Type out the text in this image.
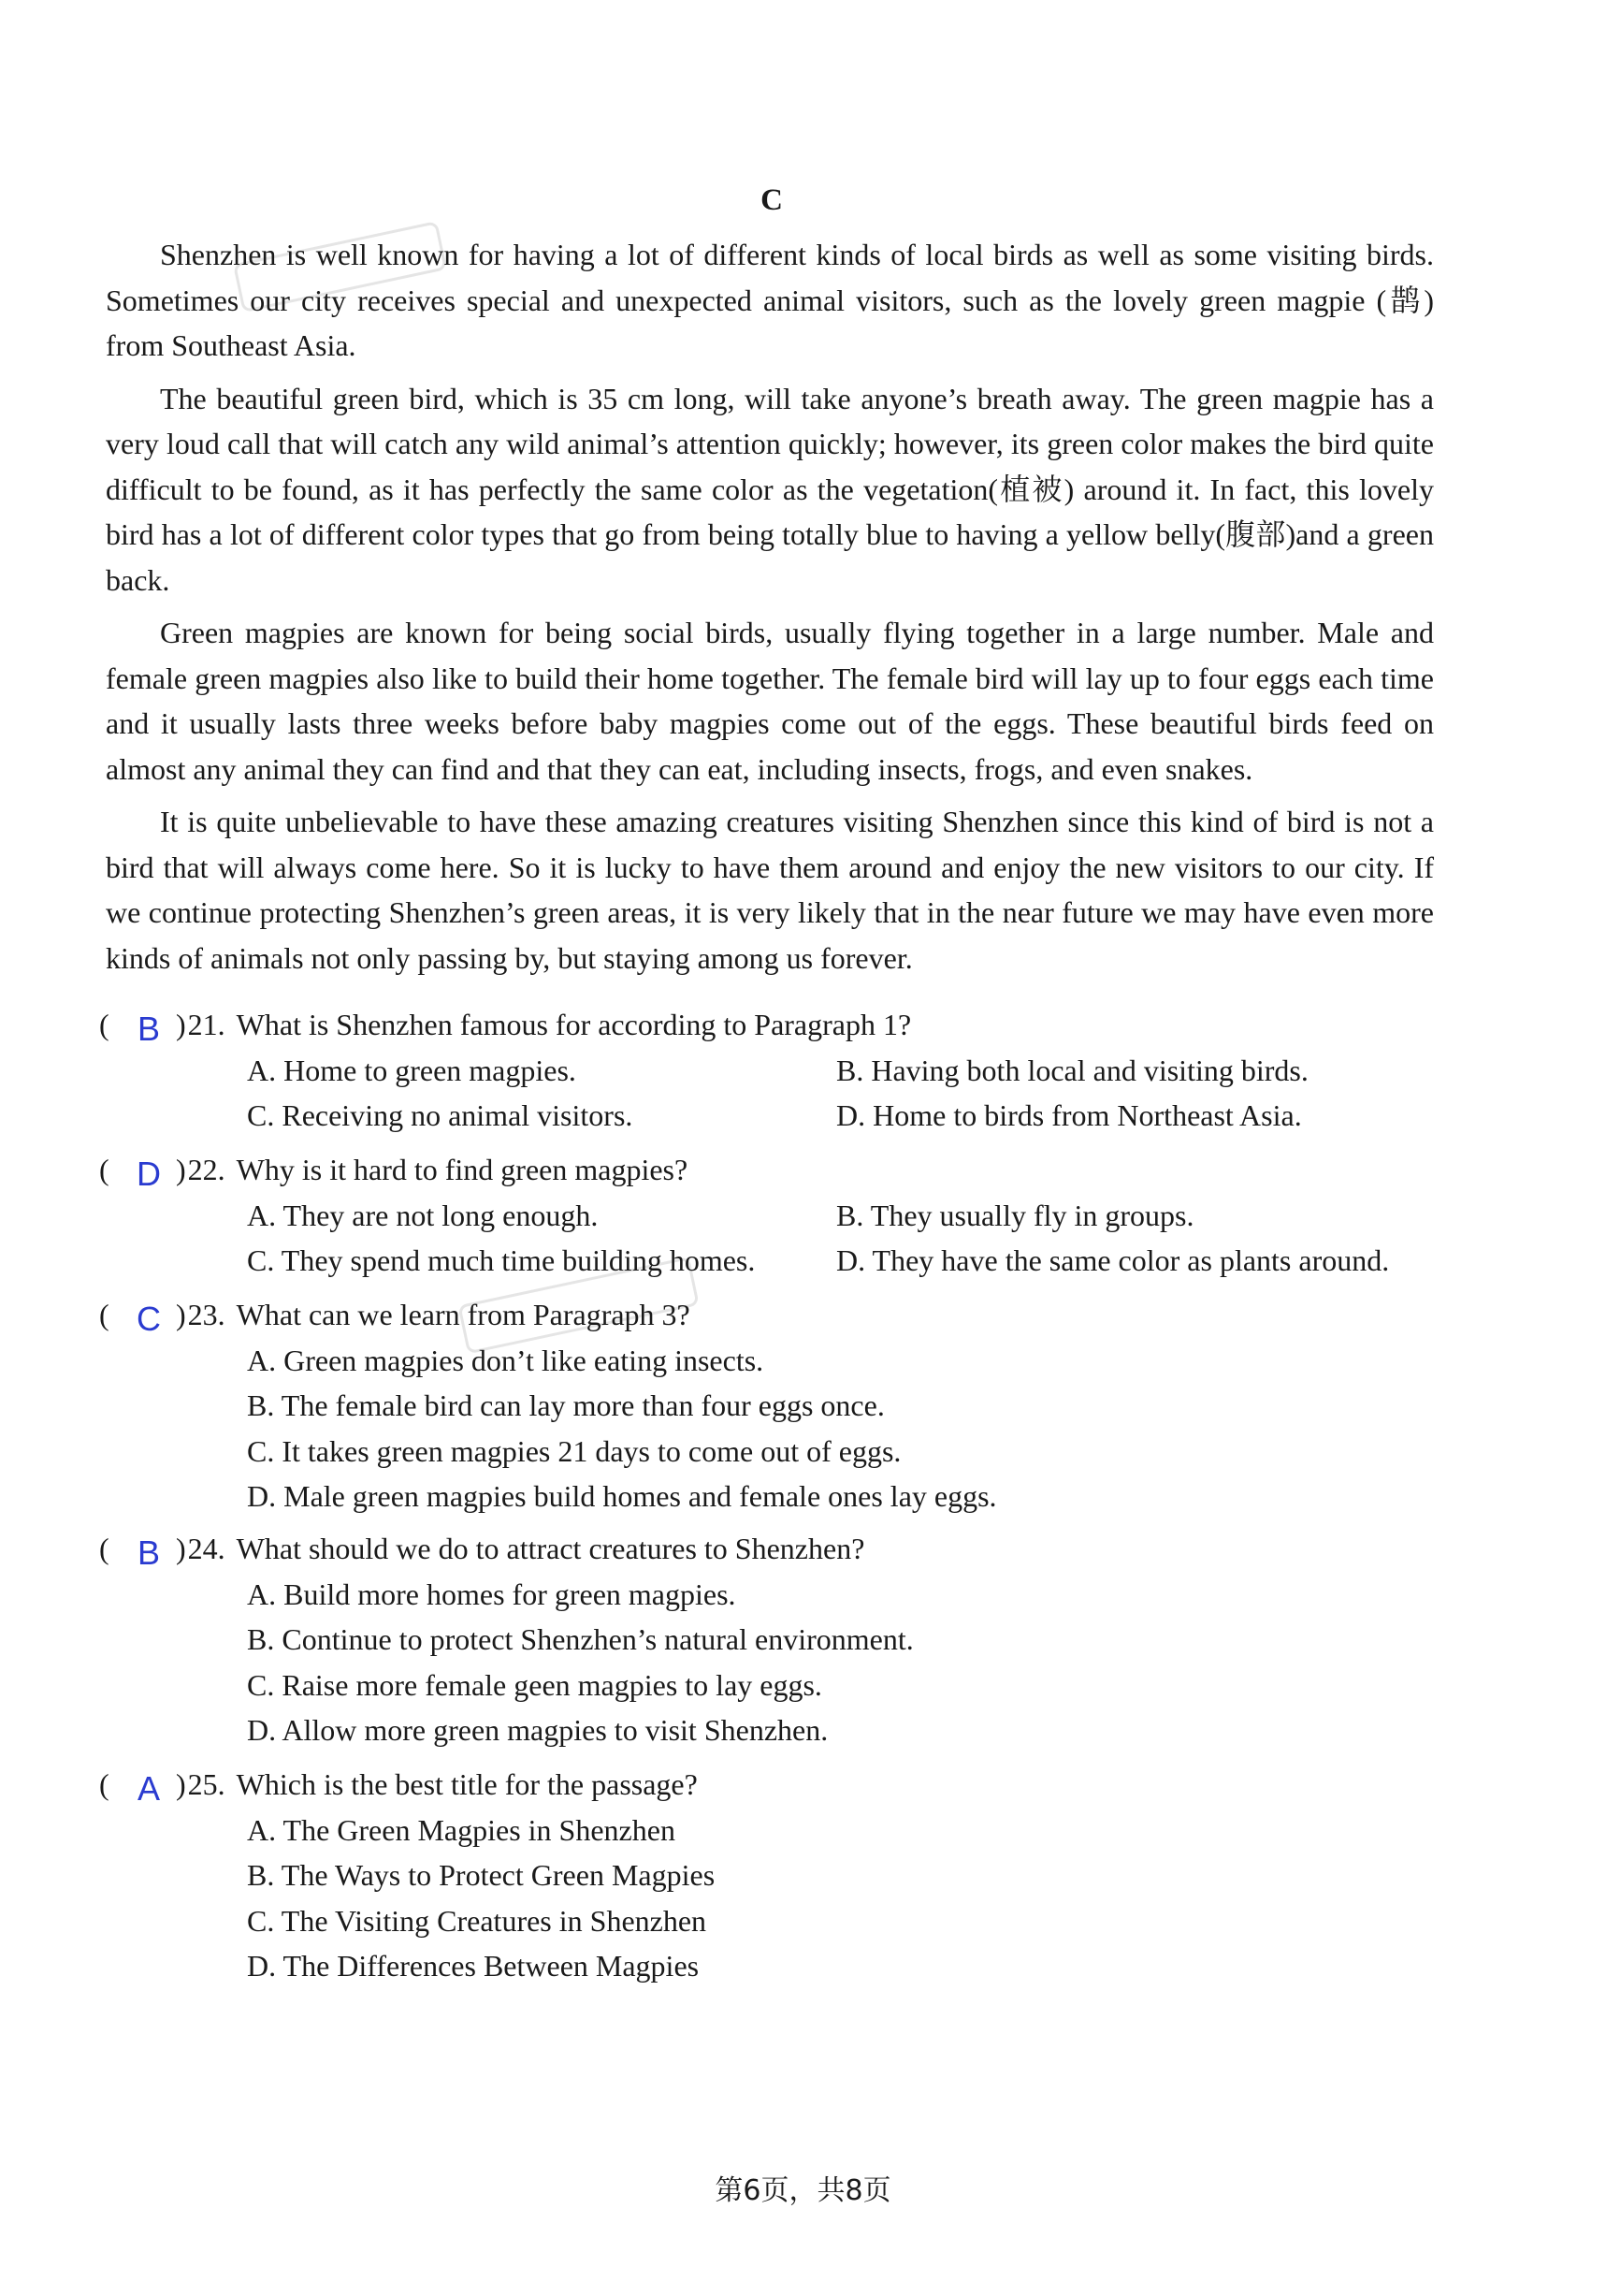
C

Shenzhen is well known for having a lot of different kinds of local birds as well as some visiting birds. Sometimes our city receives special and unexpected animal visitors, such as the lovely green magpie (鹊) from Southeast Asia.

The beautiful green bird, which is 35 cm long, will take anyone’s breath away. The green magpie has a very loud call that will catch any wild animal’s attention quickly; however, its green color makes the bird quite difficult to be found, as it has perfectly the same color as the vegetation(植被) around it. In fact, this lovely bird has a lot of different color types that go from being totally blue to having a yellow belly(腹部)and a green back.

Green magpies are known for being social birds, usually flying together in a large number. Male and female green magpies also like to build their home together. The female bird will lay up to four eggs each time and it usually lasts three weeks before baby magpies come out of the eggs. These beautiful birds feed on almost any animal they can find and that they can eat, including insects, frogs, and even snakes.

It is quite unbelievable to have these amazing creatures visiting Shenzhen since this kind of bird is not a bird that will always come here. So it is lucky to have them around and enjoy the new visitors to our city. If we continue protecting Shenzhen’s green areas, it is very likely that in the near future we may have even more kinds of animals not only passing by, but staying among us forever.

( B ) 21. What is Shenzhen famous for according to Paragraph 1?
A. Home to green magpies.	B. Having both local and visiting birds.
C. Receiving no animal visitors.	D. Home to birds from Northeast Asia.
( D ) 22. Why is it hard to find green magpies?
A. They are not long enough.	B. They usually fly in groups.
C. They spend much time building homes.	D. They have the same color as plants around.
( C ) 23. What can we learn from Paragraph 3?
A. Green magpies don’t like eating insects.
B. The female bird can lay more than four eggs once.
C. It takes green magpies 21 days to come out of eggs.
D. Male green magpies build homes and female ones lay eggs.
( B ) 24. What should we do to attract creatures to Shenzhen?
A. Build more homes for green magpies.
B. Continue to protect Shenzhen’s natural environment.
C. Raise more female geen magpies to lay eggs.
D. Allow more green magpies to visit Shenzhen.
( A ) 25. Which is the best title for the passage?
A. The Green Magpies in Shenzhen
B. The Ways to Protect Green Magpies
C. The Visiting Creatures in Shenzhen
D. The Differences Between Magpies
第6页，共8页
